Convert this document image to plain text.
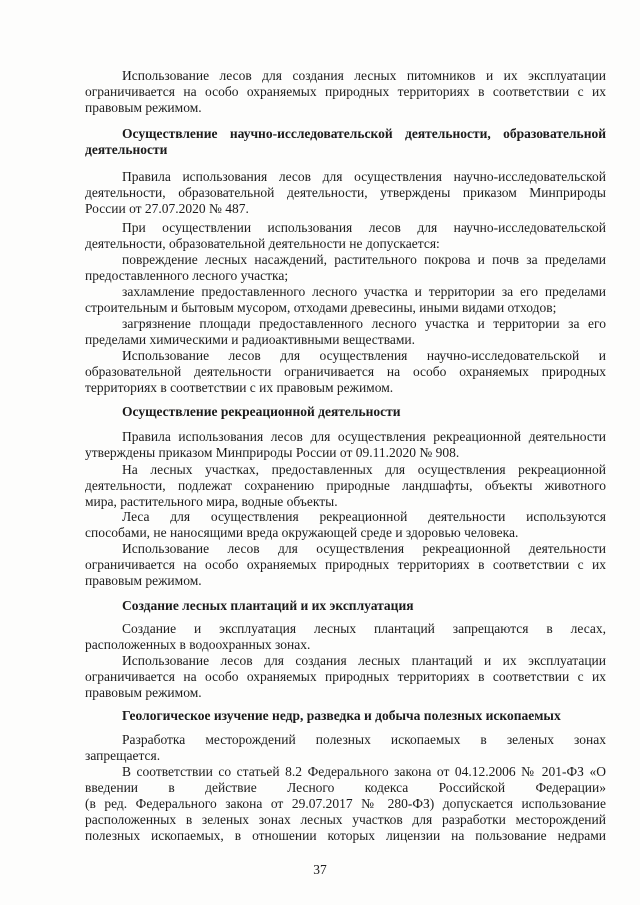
Использование лесов для создания лесных питомников и их эксплуатации
ограничивается на особо охраняемых природных территориях в соответствии с их
правовым режимом.
Осуществление научно-исследовательской деятельности, образовательной
деятельности
Правила использования лесов для осуществления научно-исследовательской
деятельности, образовательной деятельности, утверждены приказом Минприроды
России от 27.07.2020 № 487.
При осуществлении использования лесов для научно-исследовательской
деятельности, образовательной деятельности не допускается:
повреждение лесных насаждений, растительного покрова и почв за пределами
предоставленного лесного участка;
захламление предоставленного лесного участка и территории за его пределами
строительным и бытовым мусором, отходами древесины, иными видами отходов;
загрязнение площади предоставленного лесного участка и территории за его
пределами химическими и радиоактивными веществами.
Использование лесов для осуществления научно-исследовательской и
образовательной деятельности ограничивается на особо охраняемых природных
территориях в соответствии с их правовым режимом.
Осуществление рекреационной деятельности
Правила использования лесов для осуществления рекреационной деятельности
утверждены приказом Минприроды России от 09.11.2020 № 908.
На лесных участках, предоставленных для осуществления рекреационной
деятельности, подлежат сохранению природные ландшафты, объекты животного
мира, растительного мира, водные объекты.
Леса для осуществления рекреационной деятельности используются
способами, не наносящими вреда окружающей среде и здоровью человека.
Использование лесов для осуществления рекреационной деятельности
ограничивается на особо охраняемых природных территориях в соответствии с их
правовым режимом.
Создание лесных плантаций и их эксплуатация
Создание и эксплуатация лесных плантаций запрещаются в лесах,
расположенных в водоохранных зонах.
Использование лесов для создания лесных плантаций и их эксплуатации
ограничивается на особо охраняемых природных территориях в соответствии с их
правовым режимом.
Геологическое изучение недр, разведка и добыча полезных ископаемых
Разработка месторождений полезных ископаемых в зеленых зонах
запрещается.
В соответствии со статьей 8.2 Федерального закона от 04.12.2006 № 201-ФЗ «О
введении в действие Лесного кодекса Российской Федерации»
(в ред. Федерального закона от 29.07.2017 № 280-ФЗ) допускается использование
расположенных в зеленых зонах лесных участков для разработки месторождений
полезных ископаемых, в отношении которых лицензии на пользование недрами
37
